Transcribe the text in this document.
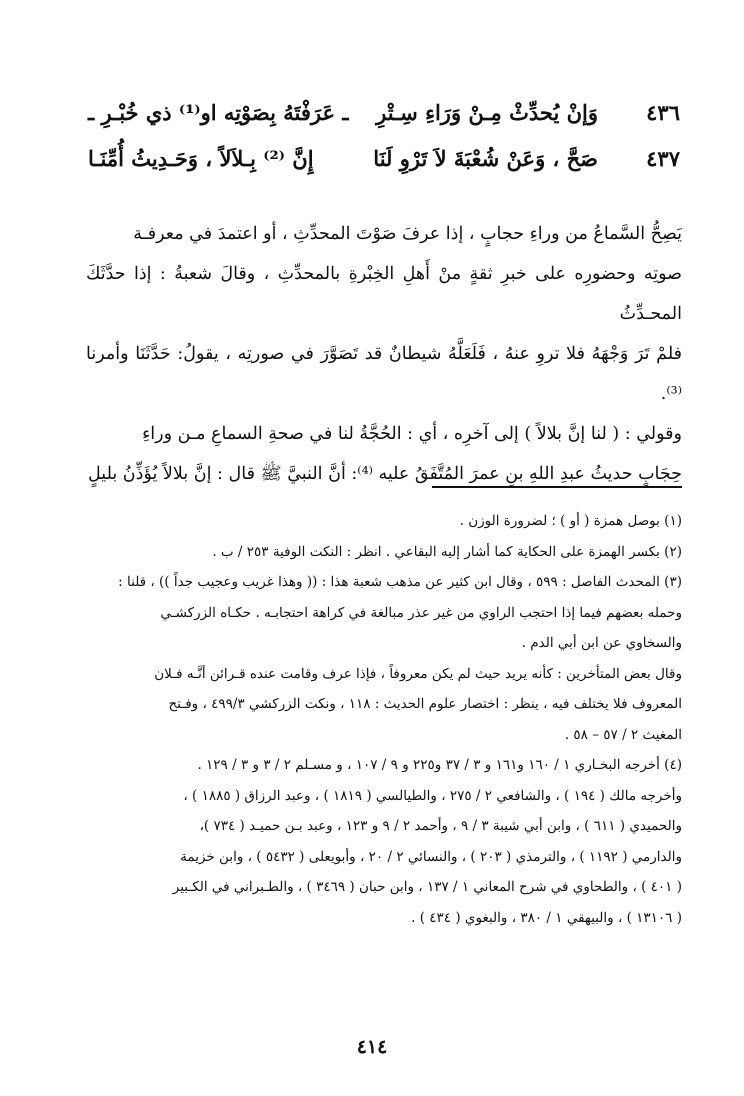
٤٣٦
وَإنْ يُحدِّثْ مِـنْ وَرَاءِ سِـتْرِ
ـ عَرَفْتَهُ بِصَوْتِه او⁽¹⁾ ذي خُبْـرِ ـ
٤٣٧
صَحَّ ، وَعَنْ شُعْبَةَ لاَ تَرْوِ لَنَا
إِنَّ ⁽²⁾ بِـلاَلاً ، وَحَـدِيثُ أُمِّنَـا

يَصِحُّ السَّماعُ من وراءِ حجابٍ ، إذا عرفَ صَوْتَ المحدِّثِ ، أو اعتمدَ في معرفـة

صوتِه وحضورِه على خبرِ ثقةٍ منْ أَهلِ الخِبْرةِ بالمحدِّثِ ، وقالَ شعبةُ : إذا حدَّثَكَ المحـدِّثُ

فلمْ تَرَ وَجْهَهُ فلا تروِ عنهُ ، فَلَعَلَّهُ شيطانٌ قد تَصَوَّرَ في صورتِه ، يقولُ: حَدَّثَنَا وأمرنا ⁽³⁾.

وقولي : ( لنا إنَّ بلالاً ) إلى آخرِه ، أي : الحُجَّةُ لنا في صحةِ السماعِ مـن وراءِ

حِجَابٍ حديثُ عبدِ اللهِ بنِ عمرَ المُتَّفَقُ عليه ⁽⁴⁾: أنَّ النبيَّ ﷺ قال : إنَّ بلالاً يُؤَذِّنُ بليلٍ

(١) بوصل همزة ( أو ) ؛ لضرورة الوزن .

(٢) بكسر الهمزة على الحكاية كما أشار إليه البقاعي . انظر : النكت الوفية ٢٥٣ / ب .

(٣) المحدث الفاصل : ٥٩٩ ، وقال ابن كثير عن مذهب شعبة هذا : (( وهذا غريب وعجيب جداً )) ، قلنا :

وحمله بعضهم فيما إذا احتجب الراوي من غير عذر مبالغة في كراهة احتجابـه . حكـاه الزركشـي

والسخاوي عن ابن أبي الدم .

وقال بعض المتأخرين : كأنه يريد حيث لم يكن معروفاً ، فإذا عرف وقامت عنده قـرائن أنَّـه فـلان

المعروف فلا يختلف فيه ، ينظر : اختصار علوم الحديث : ١١٨ ، ونكت الزركشي ٤٩٩/٣ ، وفـتح

المغيث ٢ / ٥٧ – ٥٨ .

(٤) أخرجه البخـاري ١ / ١٦٠ و١٦١ و ٣ / ٣٧ و٢٢٥ و ٩ / ١٠٧ ، و مسـلم ٢ / ٣ و ٣ / ١٢٩ .

وأخرجه مالك ( ١٩٤ ) ، والشافعي ٢ / ٢٧٥ ، والطيالسي ( ١٨١٩ ) ، وعبد الرزاق ( ١٨٨٥ ) ،

والحميدي ( ٦١١ ) ، وابن أبي شيبة ٣ / ٩ ، وأحمد ٢ / ٩ و ١٢٣ ، وعبد بـن حميـد ( ٧٣٤ )،

والدارمي ( ١١٩٢ ) ، والترمذي ( ٢٠٣ ) ، والنسائي ٢ / ٢٠ ، وأبويعلى ( ٥٤٣٢ ) ، وابن خزيمة

( ٤٠١ ) ، والطحاوي في شرح المعاني ١ / ١٣٧ ، وابن حبان ( ٣٤٦٩ ) ، والطـبراني في الكـبير

( ١٣١٠٦ ) ، والبيهقي ١ / ٣٨٠ ، والبغوي ( ٤٣٤ ) .

٤١٤
